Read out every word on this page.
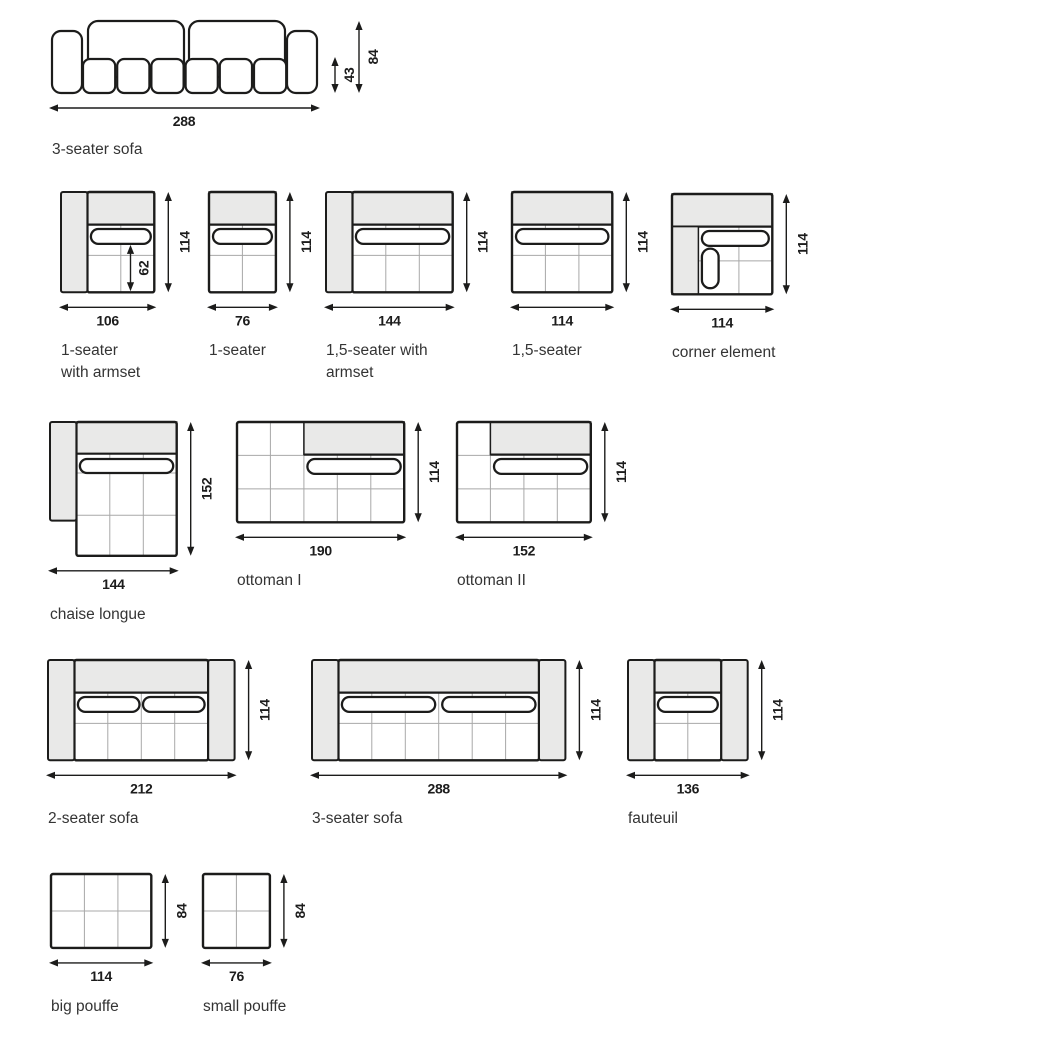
288
43
84
3-seater sofa
62
106
114
1-seater
with armset
76
114
1-seater
144
114
1,5-seater with
armset
114
114
1,5-seater
114
114
corner element
144
152
chaise longue
190
114
ottoman I
152
114
ottoman II
212
114
2-seater sofa
288
114
3-seater sofa
136
114
fauteuil
114
84
big pouffe
76
84
small pouffe
